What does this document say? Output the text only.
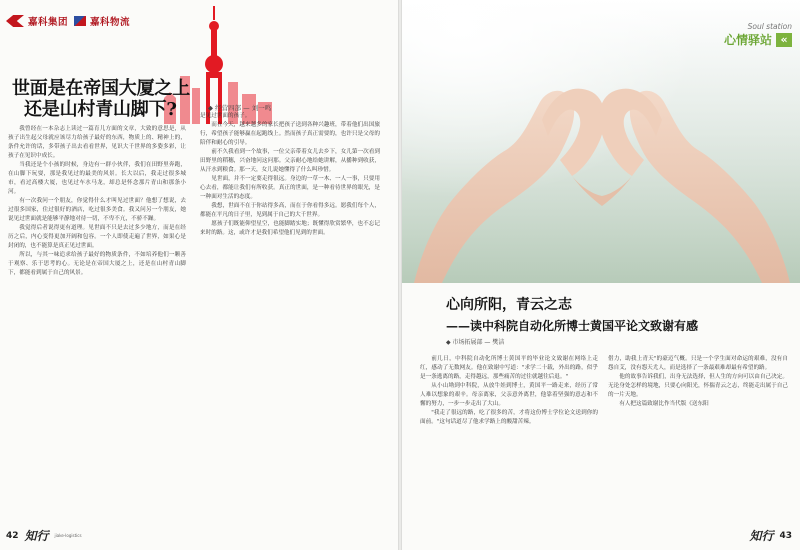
嘉科集团 嘉科物流
世面是在帝国大厦之上
还是山村青山脚下?	◆ 经营四部 — 刘一鸣

我曾经在一本杂志上读过一篇育儿方面的文章，大致的意思是，从孩子出生起父母就应该尽力给孩子最好的东西，物质上的、精神上的，条件允许的话，多带孩子出去看看世界，见识大千世界的多姿多彩，让孩子在见识中成长。

当我还是个小孩的时候，身边有一群小伙伴，我们在田野里奔跑，在山脚下玩耍，那是我见过的最美的风景。长大以后，我走过很多城市，看过高楼大厦，也见过车水马龙，却总是怀念那片青山和那条小河。

有一次我问一个朋友，你觉得什么才叫见过世面？他想了想说，去过很多国家，住过很好的酒店，吃过很多美食。我又问另一个朋友，她说见过世面就是能够平静地对待一切，不卑不亢，不骄不躁。

我觉得后者说得更有道理。见世面不只是去过多少地方，而是在经历之后，内心变得更加开阔和包容。一个人即使走遍了世界，如果心是封闭的，也不能算是真正见过世面。

所以，与其一味追求给孩子最好的物质条件，不如培养他们一颗善于观察、乐于思考的心。无论是在帝国大厦之上，还是在山村青山脚下，都能看到属于自己的风景。

是见过世面的孩子。

而在今天，越来越多的家长把孩子送到各种兴趣班，带着他们出国旅行，希望孩子能够赢在起跑线上。然而孩子真正需要的，也许只是父母的陪伴和耐心的引导。

前不久我看到一个故事，一位父亲带着女儿去乡下，女儿第一次看到田野里的稻穗，兴奋地问这问那。父亲耐心地给她讲解，从播种到收获，从汗水到粮食。那一天，女儿说她懂得了什么叫珍惜。

见世面，并不一定要走得很远。身边的一草一木、一人一事，只要用心去看，都能让我们有所收获。真正的世面，是一种看待世界的眼光，是一种面对生活的态度。

我想，世面不在于你站得多高，而在于你看得多远。愿我们每个人，都能在平凡的日子里，见到属于自己的大千世界。

愿孩子们既能仰望星空，也能脚踏实地；既懂得欣赏繁华，也不忘记来时的路。这，或许才是我们希望他们见到的世面。

42 知行 jiake-logistics
Soul station
心情驿站 «
心向所阳，青云之志
——读中科院自动化所博士黄国平论文致谢有感
◆ 市场拓展部 — 樊洁

前几日，中科院自动化所博士黄国平的毕业论文致谢在网络上走红，感动了无数网友。他在致谢中写道："求学二十载，外出的路，似乎是一条逃离的路，走得越远，那些痛苦的过往就越往后退。"

从小山坳到中科院，从放牛娃到博士，黄国平一路走来，经历了常人难以想象的艰辛。母亲离家，父亲意外离世，他靠着坚强的意志和不懈的努力，一步一步走出了大山。

"我走了很远的路，吃了很多的苦，才将这份博士学位论文送到你的面前。"这句话道尽了他求学路上的酸甜苦辣。

借力，助我上青天"的豪迈气概。只是一个学生面对命运的艰难，没有自怨自艾，没有怨天尤人，而是选择了一条最艰难却最有希望的路。

他的故事告诉我们，出身无法选择，但人生的方向可以由自己决定。无论身处怎样的境地，只要心向阳光，怀揣青云之志，终能走出属于自己的一片天地。

有人把这篇致谢比作当代版《送东阳

知行 43
